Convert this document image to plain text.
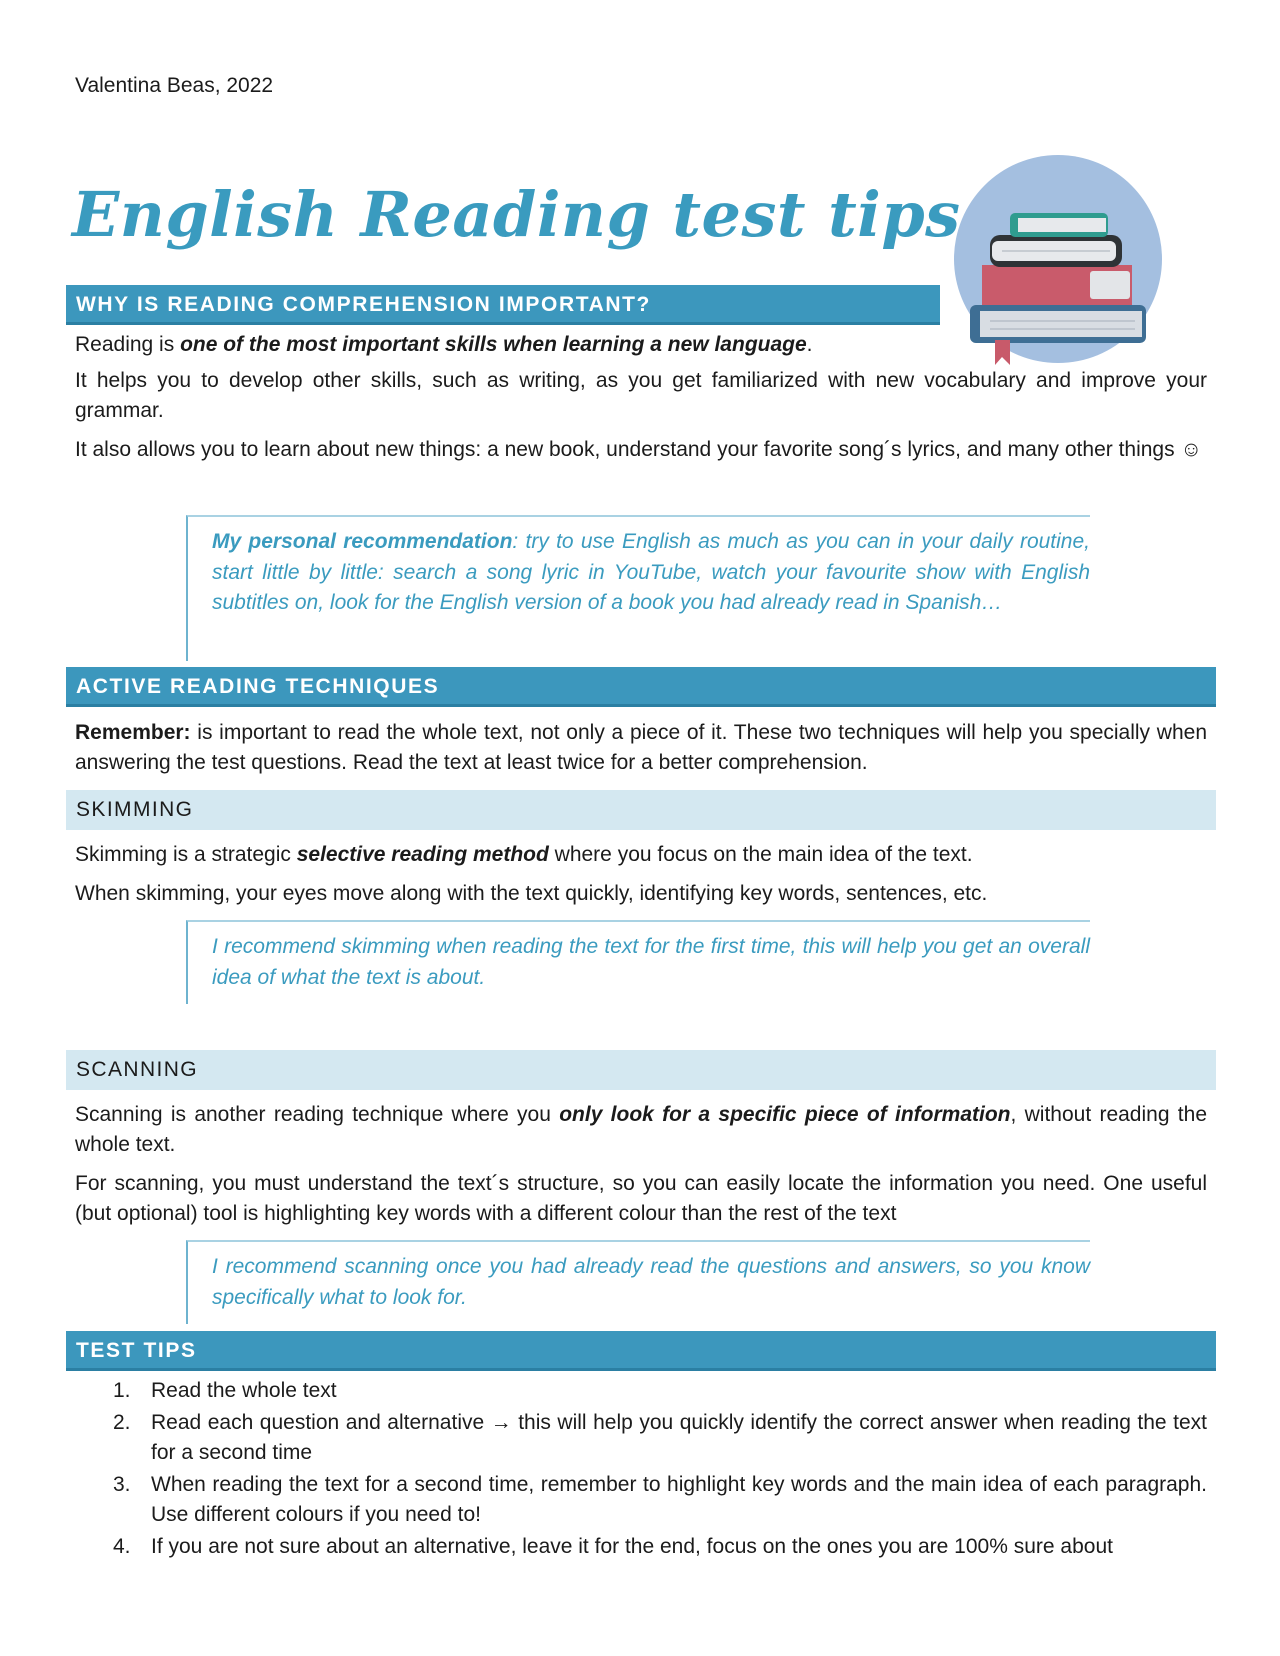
Valentina Beas, 2022
English Reading test tips
WHY IS READING COMPREHENSION IMPORTANT?
Reading is one of the most important skills when learning a new language.
It helps you to develop other skills, such as writing, as you get familiarized with new vocabulary and improve your grammar.
It also allows you to learn about new things: a new book, understand your favorite song´s lyrics, and many other things ☺
My personal recommendation: try to use English as much as you can in your daily routine, start little by little: search a song lyric in YouTube, watch your favourite show with English subtitles on, look for the English version of a book you had already read in Spanish…
ACTIVE READING TECHNIQUES
Remember: is important to read the whole text, not only a piece of it. These two techniques will help you specially when answering the test questions. Read the text at least twice for a better comprehension.
SKIMMING
Skimming is a strategic selective reading method where you focus on the main idea of the text.
When skimming, your eyes move along with the text quickly, identifying key words, sentences, etc.
I recommend skimming when reading the text for the first time, this will help you get an overall idea of what the text is about.
SCANNING
Scanning is another reading technique where you only look for a specific piece of information, without reading the whole text.
For scanning, you must understand the text´s structure, so you can easily locate the information you need. One useful (but optional) tool is highlighting key words with a different colour than the rest of the text
I recommend scanning once you had already read the questions and answers, so you know specifically what to look for.
TEST TIPS
1. Read the whole text
2. Read each question and alternative → this will help you quickly identify the correct answer when reading the text for a second time
3. When reading the text for a second time, remember to highlight key words and the main idea of each paragraph. Use different colours if you need to!
4. If you are not sure about an alternative, leave it for the end, focus on the ones you are 100% sure about
